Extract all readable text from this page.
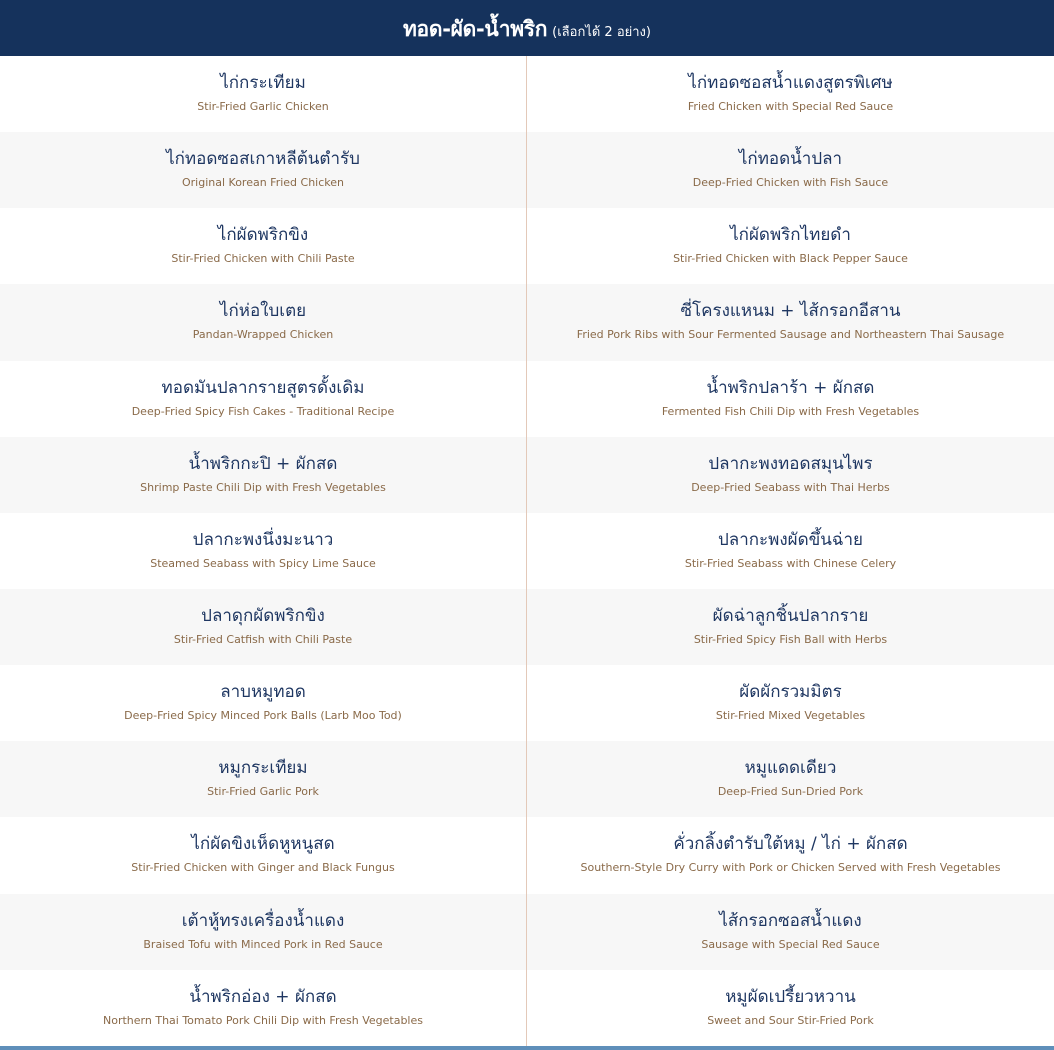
ทอด-ผัด-น้ำพริก (เลือกได้ 2 อย่าง)
ไก่กระเทียม
Stir-Fried Garlic Chicken
ไก่ทอดซอสน้ำแดงสูตรพิเศษ
Fried Chicken with Special Red Sauce
ไก่ทอดซอสเกาหลีต้นตำรับ
Original Korean Fried Chicken
ไก่ทอดน้ำปลา
Deep-Fried Chicken with Fish Sauce
ไก่ผัดพริกขิง
Stir-Fried Chicken with Chili Paste
ไก่ผัดพริกไทยดำ
Stir-Fried Chicken with Black Pepper Sauce
ไก่ห่อใบเตย
Pandan-Wrapped Chicken
ซี่โครงแหนม + ไส้กรอกอีสาน
Fried Pork Ribs with Sour Fermented Sausage and Northeastern Thai Sausage
ทอดมันปลากรายสูตรดั้งเดิม
Deep-Fried Spicy Fish Cakes - Traditional Recipe
น้ำพริกปลาร้า + ผักสด
Fermented Fish Chili Dip with Fresh Vegetables
น้ำพริกกะปิ + ผักสด
Shrimp Paste Chili Dip with Fresh Vegetables
ปลากะพงทอดสมุนไพร
Deep-Fried Seabass with Thai Herbs
ปลากะพงนึ่งมะนาว
Steamed Seabass with Spicy Lime Sauce
ปลากะพงผัดขึ้นฉ่าย
Stir-Fried Seabass with Chinese Celery
ปลาดุกผัดพริกขิง
Stir-Fried Catfish with Chili Paste
ผัดฉ่าลูกชิ้นปลากราย
Stir-Fried Spicy Fish Ball with Herbs
ลาบหมูทอด
Deep-Fried Spicy Minced Pork Balls (Larb Moo Tod)
ผัดผักรวมมิตร
Stir-Fried Mixed Vegetables
หมูกระเทียม
Stir-Fried Garlic Pork
หมูแดดเดียว
Deep-Fried Sun-Dried Pork
ไก่ผัดขิงเห็ดหูหนูสด
Stir-Fried Chicken with Ginger and Black Fungus
คั่วกลิ้งตำรับใต้หมู / ไก่ + ผักสด
Southern-Style Dry Curry with Pork or Chicken Served with Fresh Vegetables
เต้าหู้ทรงเครื่องน้ำแดง
Braised Tofu with Minced Pork in Red Sauce
ไส้กรอกซอสน้ำแดง
Sausage with Special Red Sauce
น้ำพริกอ่อง + ผักสด
Northern Thai Tomato Pork Chili Dip with Fresh Vegetables
หมูผัดเปรี้ยวหวาน
Sweet and Sour Stir-Fried Pork
